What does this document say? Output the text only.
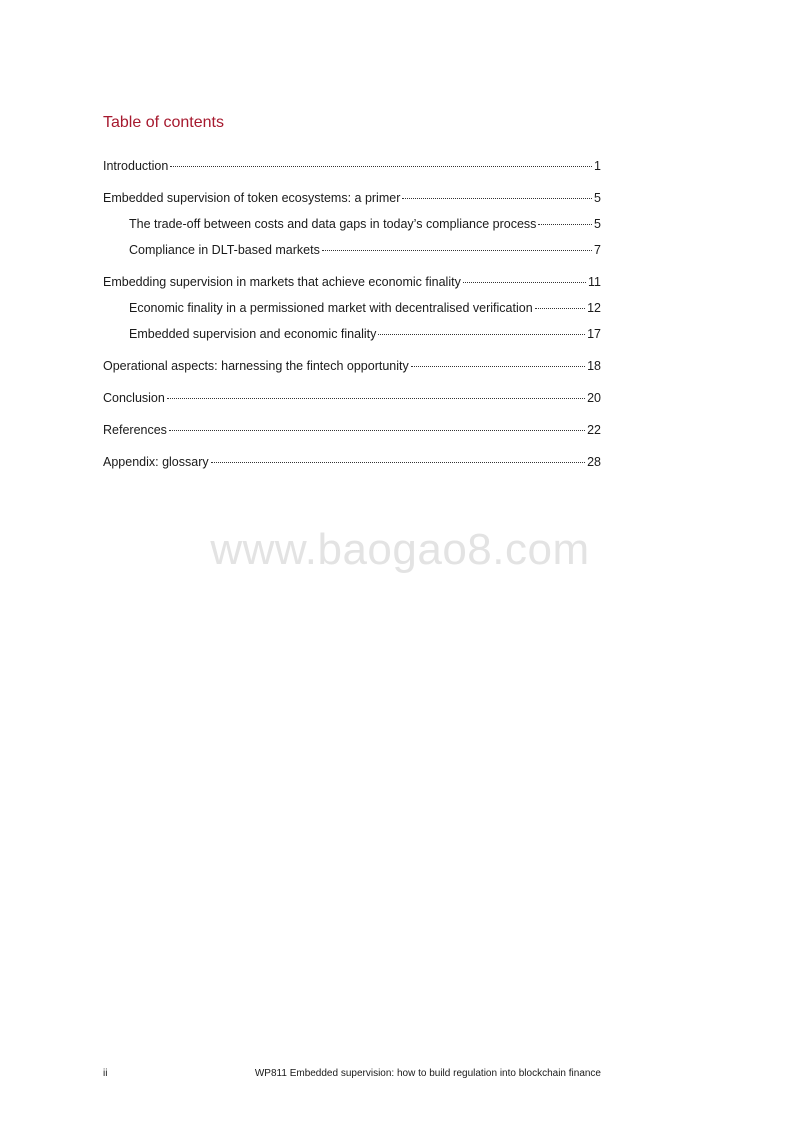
Table of contents
Introduction	1
Embedded supervision of token ecosystems: a primer	5
The trade-off between costs and data gaps in today’s compliance process	5
Compliance in DLT-based markets	7
Embedding supervision in markets that achieve economic finality	11
Economic finality in a permissioned market with decentralised verification	12
Embedded supervision and economic finality	17
Operational aspects: harnessing the fintech opportunity	18
Conclusion	20
References	22
Appendix: glossary	28
www.baogao8.com
ii	WP811 Embedded supervision: how to build regulation into blockchain finance
